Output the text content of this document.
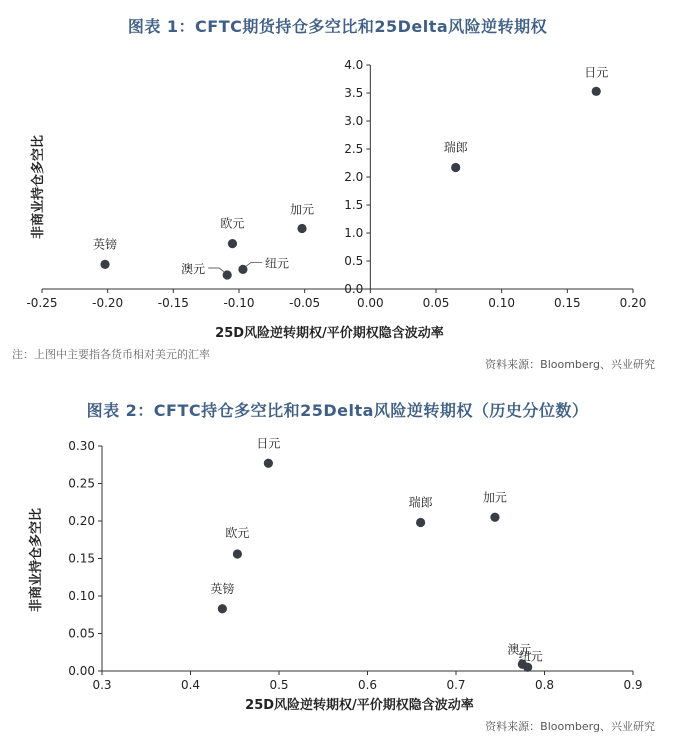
图表 1：CFTC期货持仓多空比和25Delta风险逆转期权
-0.25	-0.20	-0.15	-0.10	-0.05	0.00	0.05	0.10	0.15	0.20
0.0
0.5
1.0
1.5
2.0
2.5
3.0
3.5
4.0
25D风险逆转期权/平价期权隐含波动率
非商业持仓多空比
日元
瑞郎
加元
欧元
英镑
澳元	纽元
注：上图中主要指各货币相对美元的汇率
资料来源：Bloomberg、兴业研究
图表 2：CFTC持仓多空比和25Delta风险逆转期权（历史分位数）
0.3	0.4	0.5	0.6	0.7	0.8	0.9
0.00
0.05
0.10
0.15
0.20
0.25
0.30
25D风险逆转期权/平价期权隐含波动率
非商业持仓多空比
日元
瑞郎	加元
欧元
英镑
澳元
纽元
资料来源：Bloomberg、兴业研究
